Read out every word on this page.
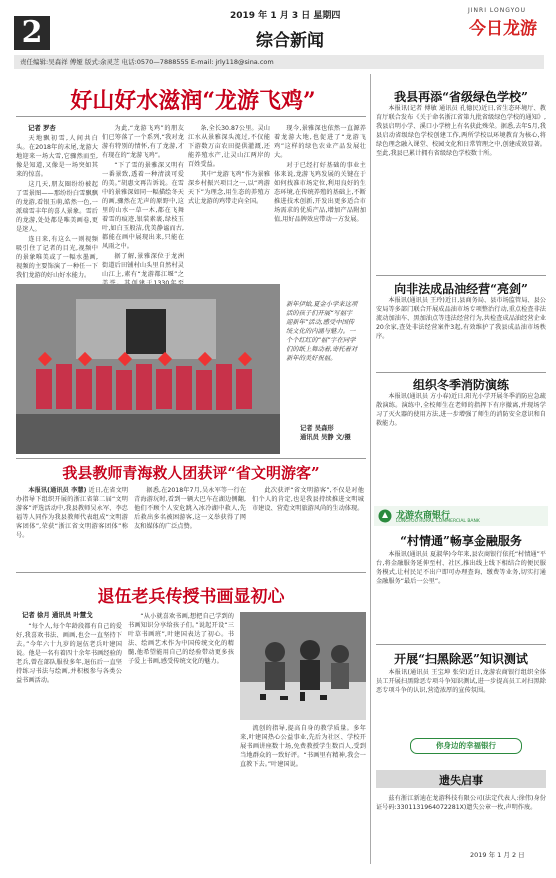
2	2019 年 1 月 3 日 星期四
综合新闻
JINRI LONGYOU
今日龙游
责任编辑:吴森祥 傅娅 版式:余灵芝 电话:0570—7888555 E-mail: jrly118@sina.com
好山好水滋润“龙游飞鸡”
记者 罗杏

天地飘初雪,人间共白头。在2018年的末尾,龙游大地迎来一场大雪,它骤然而至,像是知道,又像是一场突如其来的惊喜。

这几天,朋友圈纷纷被起了雪景图——那纷纷白雪飘飘的龙游,看银玉萌,皓然一色,一派瑞雪丰年的喜人景象。雪后的龙游,处处都是唯美画卷,更是迷人。

连日来,有这么一则视频吸引住了记者的目光,视频中的景象唯美或了一幅水墨画,视频的主要饰演了一种任一下我们龙游的好山好水能力。

为此,“龙游飞鸡”的朋友们已筹落了一个系列,“我对龙游有特别的情怀,有了龙游,才有现在的“龙游飞鸡”。

“下了雪的景雅深又明有一番景致,透着一种清淡可爱的美。”胡惠文再告诉说。在雪中的景雅深如同一幅描绘冬天的画,骤然在无声的原野中,这里的山水一草一木,都在飞舞着雪的痕迹,银装素裹,绿枝玉叶,如白玉般洁,优美静谧而古,都能在画中展现出来,只能在风雨之中。

据了解,景雅深位于龙洲街道后田铺村山头里自然村灵山江上,素有“龙游都江堰”之

条,全长30.87公里。灵山江水从景雅深头流过,不仅能下游数万亩农田提供灌溉,还能养殖水产,让灵山江两岸的百姓受益。

其中“龙游飞鸡”作为景雅深乡村振兴项目之一,以“鸡游天下”为理念,用生态的养殖方式让龙游的鸡带走向全国。

现今,景雅深也依然一直源养着龙游大地,也促进了“龙游飞鸡”这样的绿色农业产品发展壮大。

对于已经打好基础的事业主体来说,龙游飞鸡发展的关键在于如何找准市场定位,利用良好的生态环境,在传统养殖的基础上,不断推进技术创新,开发出更多适合市场需求的优质产品,增加产品附加值,用好品牌效应带动一方发展。

新年伊始,夏金小学来这项活的孩子们开展“写福字 迎新年”活动,感受中国传统文化的内涵与魅力。一个个红红的“福”字在同学们的纸上舞动着,寄托着对新年的美好祝福。
记者 吴森形
通讯员 吴静 文/摄
我县教师青海救人团获评“省文明游客”

本报讯(通讯员 李慧) 近日,在省文明办指导下组织开展的浙江省第二届“文明游客”评选活动中,我县教师吴永军、李忠福等人同作为我县教师代表组成“文明游客团体”,荣获“浙江省文明游客团体”称号。

据悉,在2018年7月,吴永军等一行在青海游玩时,看到一辆大巴车在湖边侧翻,他们不顾个人安危跳入冰冷湖中救人,先后救出多名被困游客,这一义举获得了网友和媒体的广泛点赞。

此次获评“省文明游客”,不仅是对他们个人的肯定,也是我县持续推进文明城市建设、营造文明旅游风尚的生动体现。

退伍老兵传授书画显初心
记者 徐月 通讯员 叶慧戈

“每个人,每个年龄段都有自己的爱好,我喜欢书法、画画,也会一直坚持下去。”今年六十九岁的退伍老兵叶建国说。他是一名有着四十余年书画经验的老兵,曾在部队服役多年,退伍后一直坚持练习书法与绘画,并积极参与各类公益书画活动。

“从小就喜欢书画,想把自己学到的书画知识分享给孩子们。”说起开设“三叶草书画班”,叶建国表达了初心。书法、绘画艺术作为中国传统文化的精髓,他希望能用自己的经验带动更多孩子爱上书画,感受传统文化的魅力。

流创的指导,提高自身的教学质量。多年来,叶建国热心公益事业,先后为社区、学校开展书画讲座数十场,免费教授学生数百人,受到当地群众的一致好评。“书画里有精神,我会一直教下去。”叶建国说。

我县再添“省级绿色学校”

本报讯(记者 傅敏 通讯员 孔德民)近日,省生态环境厅、教育厅联合发布《关于命名浙江省第九批省级绿色学校的通知》,我县启明小学、溪口小学榜上有名获此殊荣。据悉,去年5月,我县启动省级绿色学校创建工作,两所学校以环境教育为核心,将绿色理念融入课堂、校园文化和日常管理之中,创建成效显著。至此,我县已累计拥有省级绿色学校数十所。

向非法成品油经营“亮剑”

本报讯(通讯员 王玲)近日,县商务局、县市场监管局、县公安局等多部门联合开展成品油市场专项整治行动,重点检查非法流动加油车、黑加油点等违法经营行为,共检查成品油经营企业20余家,查处非法经营案件3起,有效维护了我县成品油市场秩序。

组织冬季消防演练

本报讯(通讯员 方小春)近日,阳光小学开展冬季消防应急疏散演练。演练中,全校师生在老师的指挥下有序撤离,并现场学习了灭火器的使用方法,进一步增强了师生的消防安全意识和自救能力。

龙游农商银行
LONGYOU RURAL COMMERCIAL BANK
“村情通”畅享金融服务

本报讯(通讯员 夏淑华)今年来,县农商银行依托“村情通”平台,将金融服务延伸至村、社区,推出线上线下相结合的便民服务模式,让村民足不出户即可办理查询、缴费等业务,切实打通金融服务“最后一公里”。

开展“扫黑除恶”知识测试

本报讯(通讯员 王宝坤 张荣)近日,龙游农商银行组织全体员工开展扫黑除恶专项斗争知识测试,进一步提高员工对扫黑除恶专项斗争的认识,营造浓厚的宣传氛围。

你身边的幸福银行
遗失启事

兹有浙江新迪在龙游科技有限公司(法定代表人:徐伟)身份证号码:3301131964072281X)遗失公章一枚,声明作废。

2019 年 1 月 2 日
